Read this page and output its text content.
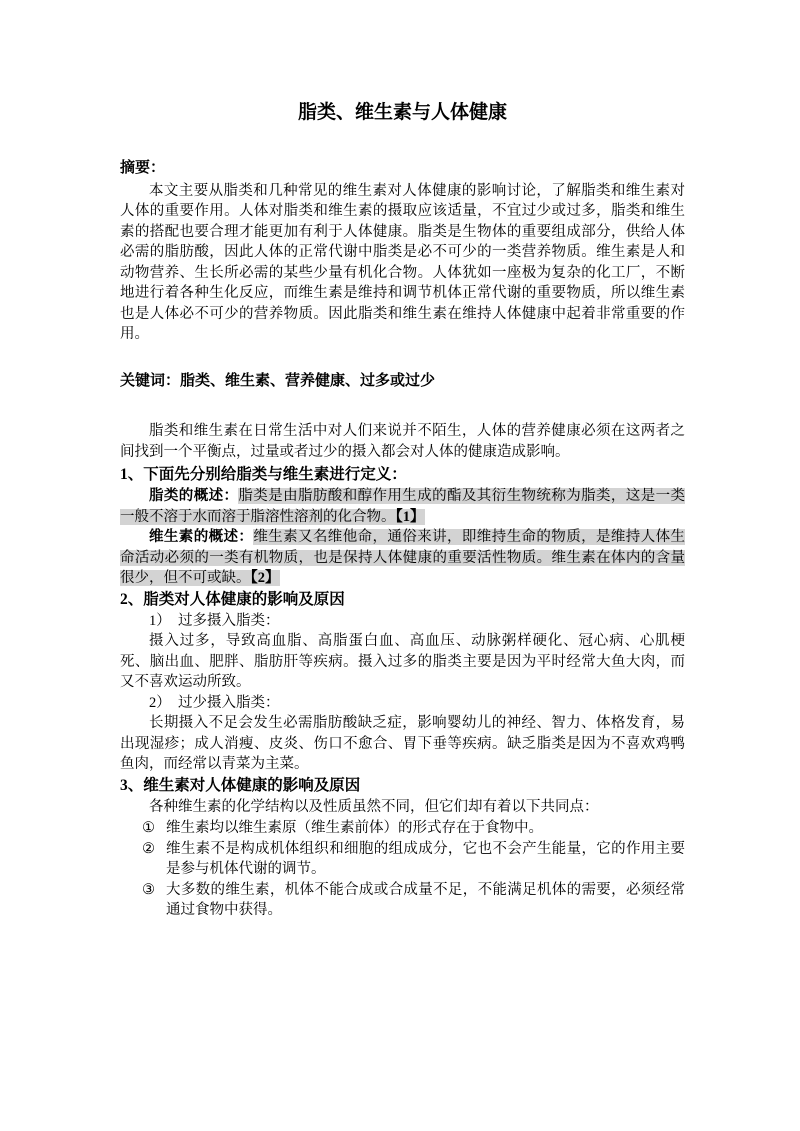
脂类、维生素与人体健康

摘要：

本文主要从脂类和几种常见的维生素对人体健康的影响讨论，了解脂类和维生素对人体的重要作用。人体对脂类和维生素的摄取应该适量，不宜过少或过多，脂类和维生素的搭配也要合理才能更加有利于人体健康。脂类是生物体的重要组成部分，供给人体必需的脂肪酸，因此人体的正常代谢中脂类是必不可少的一类营养物质。维生素是人和动物营养、生长所必需的某些少量有机化合物。人体犹如一座极为复杂的化工厂，不断地进行着各种生化反应，而维生素是维持和调节机体正常代谢的重要物质，所以维生素也是人体必不可少的营养物质。因此脂类和维生素在维持人体健康中起着非常重要的作用。

关键词：脂类、维生素、营养健康、过多或过少

脂类和维生素在日常生活中对人们来说并不陌生，人体的营养健康必须在这两者之间找到一个平衡点，过量或者过少的摄入都会对人体的健康造成影响。

1、下面先分别给脂类与维生素进行定义：

脂类的概述：脂类是由脂肪酸和醇作用生成的酯及其衍生物统称为脂类，这是一类一般不溶于水而溶于脂溶性溶剂的化合物。【1】

维生素的概述：维生素又名维他命，通俗来讲，即维持生命的物质，是维持人体生命活动必须的一类有机物质，也是保持人体健康的重要活性物质。维生素在体内的含量很少，但不可或缺。【2】

2、脂类对人体健康的影响及原因

1）　过多摄入脂类：

摄入过多，导致高血脂、高脂蛋白血、高血压、动脉粥样硬化、冠心病、心肌梗死、脑出血、肥胖、脂肪肝等疾病。摄入过多的脂类主要是因为平时经常大鱼大肉，而又不喜欢运动所致。

2）　过少摄入脂类：

长期摄入不足会发生必需脂肪酸缺乏症，影响婴幼儿的神经、智力、体格发育，易出现湿疹；成人消瘦、皮炎、伤口不愈合、胃下垂等疾病。缺乏脂类是因为不喜欢鸡鸭鱼肉，而经常以青菜为主菜。

3、维生素对人体健康的影响及原因

各种维生素的化学结构以及性质虽然不同，但它们却有着以下共同点：

① 维生素均以维生素原（维生素前体）的形式存在于食物中。
② 维生素不是构成机体组织和细胞的组成成分，它也不会产生能量，它的作用主要是参与机体代谢的调节。
③ 大多数的维生素，机体不能合成或合成量不足，不能满足机体的需要，必须经常通过食物中获得。
